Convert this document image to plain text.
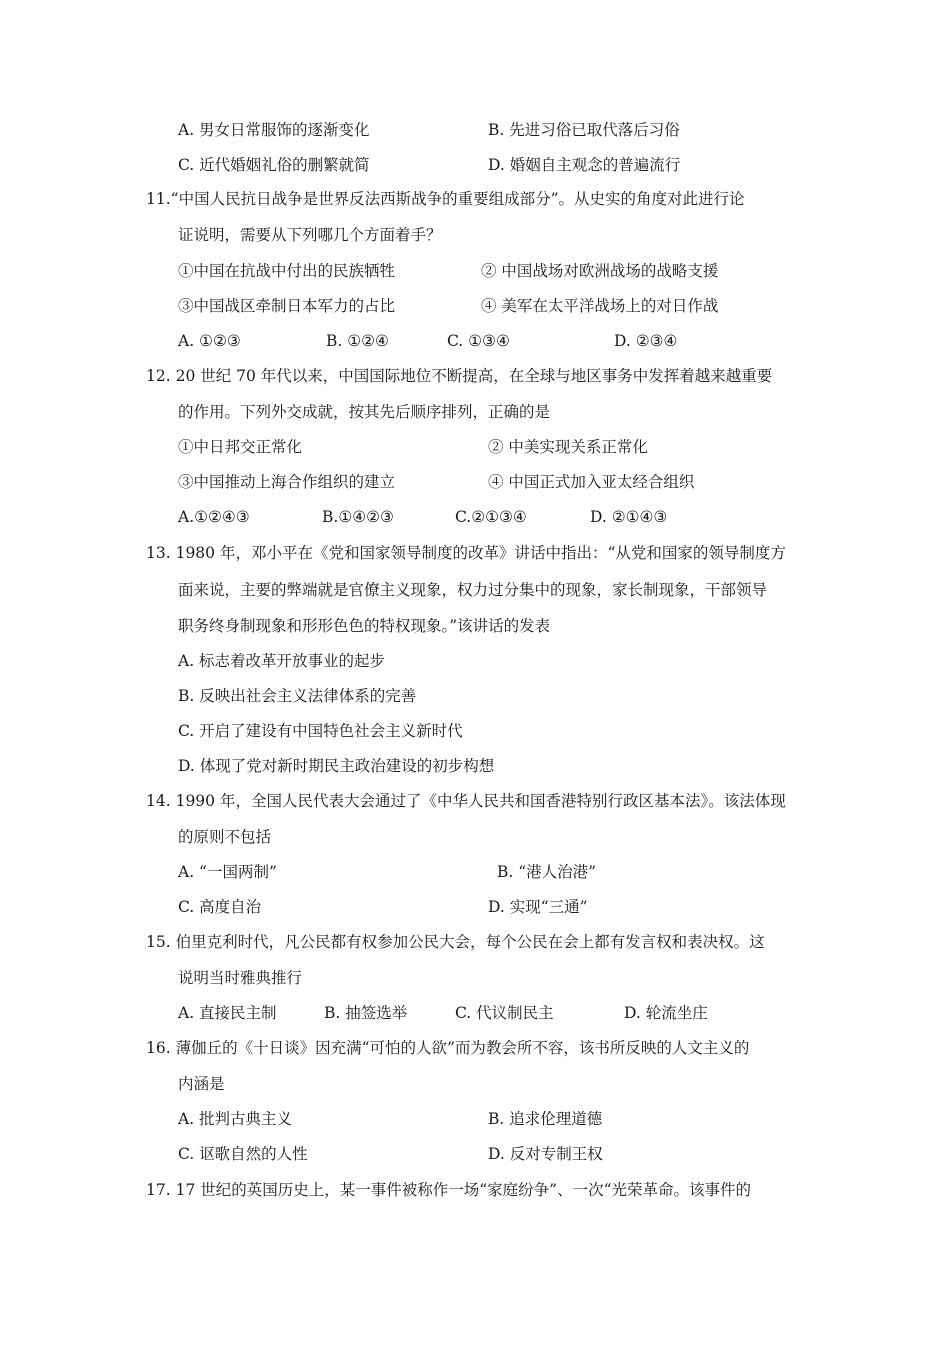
A. 男女日常服饰的逐渐变化	B. 先进习俗已取代落后习俗
C. 近代婚姻礼俗的删繁就简	D. 婚姻自主观念的普遍流行
11.“中国人民抗日战争是世界反法西斯战争的重要组成部分”。从史实的角度对此进行论
证说明，需要从下列哪几个方面着手？
①中国在抗战中付出的民族牺牲	② 中国战场对欧洲战场的战略支援
③中国战区牵制日本军力的占比	④ 美军在太平洋战场上的对日作战
A. ①②③	B. ①②④	C. ①③④	D. ②③④
12. 20 世纪 70 年代以来，中国国际地位不断提高，在全球与地区事务中发挥着越来越重要
的作用。下列外交成就，按其先后顺序排列，正确的是
①中日邦交正常化	② 中美实现关系正常化
③中国推动上海合作组织的建立	④ 中国正式加入亚太经合组织
A.①②④③	B.①④②③	C.②①③④	D. ②①④③
13. 1980 年，邓小平在《党和国家领导制度的改革》讲话中指出：“从党和国家的领导制度方
面来说，主要的弊端就是官僚主义现象，权力过分集中的现象，家长制现象，干部领导
职务终身制现象和形形色色的特权现象。”该讲话的发表
A. 标志着改革开放事业的起步
B. 反映出社会主义法律体系的完善
C. 开启了建设有中国特色社会主义新时代
D. 体现了党对新时期民主政治建设的初步构想
14. 1990 年，全国人民代表大会通过了《中华人民共和国香港特别行政区基本法》。该法体现
的原则不包括
A. “一国两制”	B. “港人治港”
C. 高度自治	D. 实现“三通”
15. 伯里克利时代，凡公民都有权参加公民大会，每个公民在会上都有发言权和表决权。这
说明当时雅典推行
A. 直接民主制	B. 抽签选举	C. 代议制民主	D. 轮流坐庄
16. 薄伽丘的《十日谈》因充满“可怕的人欲”而为教会所不容，该书所反映的人文主义的
内涵是
A. 批判古典主义	B. 追求伦理道德
C. 讴歌自然的人性	D. 反对专制王权
17. 17 世纪的英国历史上，某一事件被称作一场“家庭纷争”、一次“光荣革命。该事件的
